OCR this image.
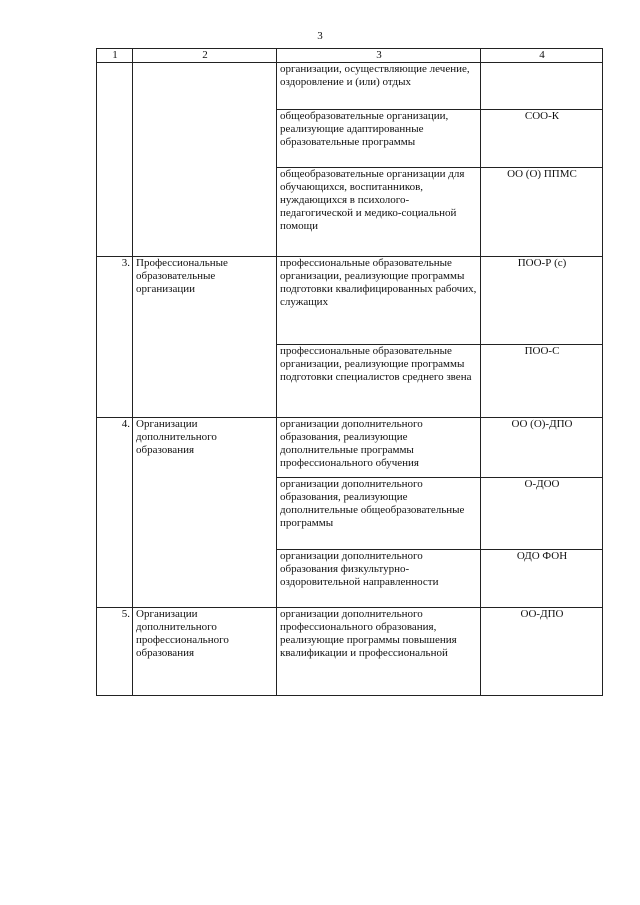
3
1	2	3	4
		организации, осуществляющие лечение, оздоровление и (или) отдых	
		общеобразовательные организации, реализующие адаптированные образовательные программы	СОО-К
		общеобразовательные организации для обучающихся, воспитанников, нуждающихся в психолого-педагогической и медико-социальной помощи	ОО (О) ППМС
3.	Профессиональные образовательные организации	профессиональные образовательные организации, реализующие программы подготовки квалифицированных рабочих, служащих	ПОО-Р (с)
		профессиональные образовательные организации, реализующие программы подготовки специалистов среднего звена	ПОО-С
4.	Организации дополнительного образования	организации дополнительного образования, реализующие дополнительные программы профессионального обучения	ОО (О)-ДПО
		организации дополнительного образования, реализующие дополнительные общеобразовательные программы	О-ДОО
		организации дополнительного образования физкультурно-оздоровительной направленности	ОДО ФОН
5.	Организации дополнительного профессионального образования	организации дополнительного профессионального образования, реализующие программы повышения квалификации и профессиональной	ОО-ДПО
